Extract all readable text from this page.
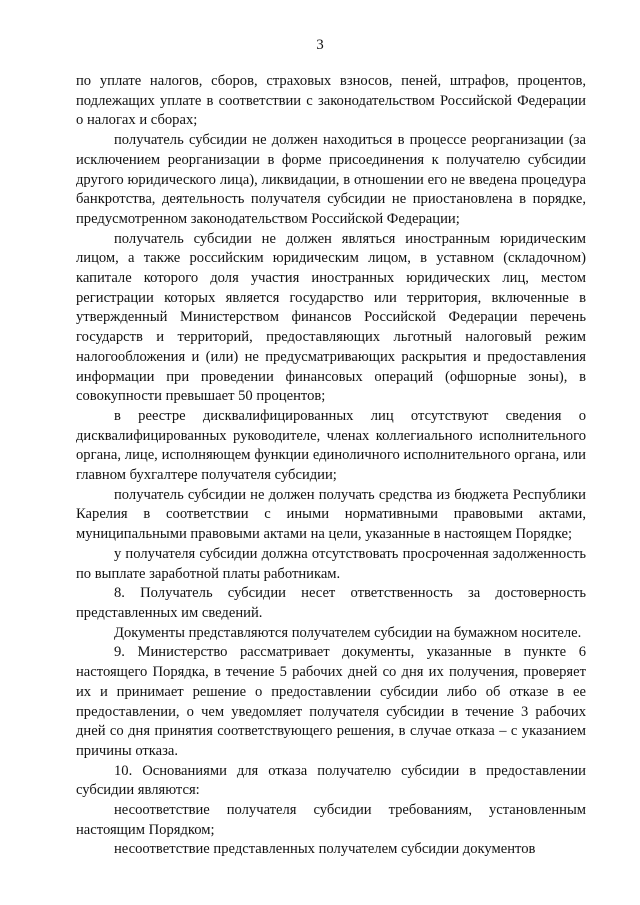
3

по уплате налогов, сборов, страховых взносов, пеней, штрафов, процентов, подлежащих уплате в соответствии с законодательством Российской Федерации о налогах и сборах;

получатель субсидии не должен находиться в процессе реорганизации (за исключением реорганизации в форме присоединения к получателю субсидии другого юридического лица), ликвидации, в отношении его не введена процедура банкротства, деятельность получателя субсидии не приостановлена в порядке, предусмотренном законодательством Российской Федерации;

получатель субсидии не должен являться иностранным юридическим лицом, а также российским юридическим лицом, в уставном (складочном) капитале которого доля участия иностранных юридических лиц, местом регистрации которых является государство или территория, включенные в утвержденный Министерством финансов Российской Федерации перечень государств и территорий, предоставляющих льготный налоговый режим налогообложения и (или) не предусматривающих раскрытия и предоставления информации при проведении финансовых операций (офшорные зоны), в совокупности превышает 50 процентов;

в реестре дисквалифицированных лиц отсутствуют сведения о дисквалифицированных руководителе, членах коллегиального исполнительного органа, лице, исполняющем функции единоличного исполнительного органа, или главном бухгалтере получателя субсидии;

получатель субсидии не должен получать средства из бюджета Республики Карелия в соответствии с иными нормативными правовыми актами, муниципальными правовыми актами на цели, указанные в настоящем Порядке;

у получателя субсидии должна отсутствовать просроченная задолженность по выплате заработной платы работникам.

8. Получатель субсидии несет ответственность за достоверность представленных им сведений.

Документы представляются получателем субсидии на бумажном носителе.

9. Министерство рассматривает документы, указанные в пункте 6 настоящего Порядка, в течение 5 рабочих дней со дня их получения, проверяет их и принимает решение о предоставлении субсидии либо об отказе в ее предоставлении, о чем уведомляет получателя субсидии в течение 3 рабочих дней со дня принятия соответствующего решения, в случае отказа – с указанием причины отказа.

10. Основаниями для отказа получателю субсидии в предоставлении субсидии являются:

несоответствие получателя субсидии требованиям, установленным настоящим Порядком;

несоответствие представленных получателем субсидии документов
